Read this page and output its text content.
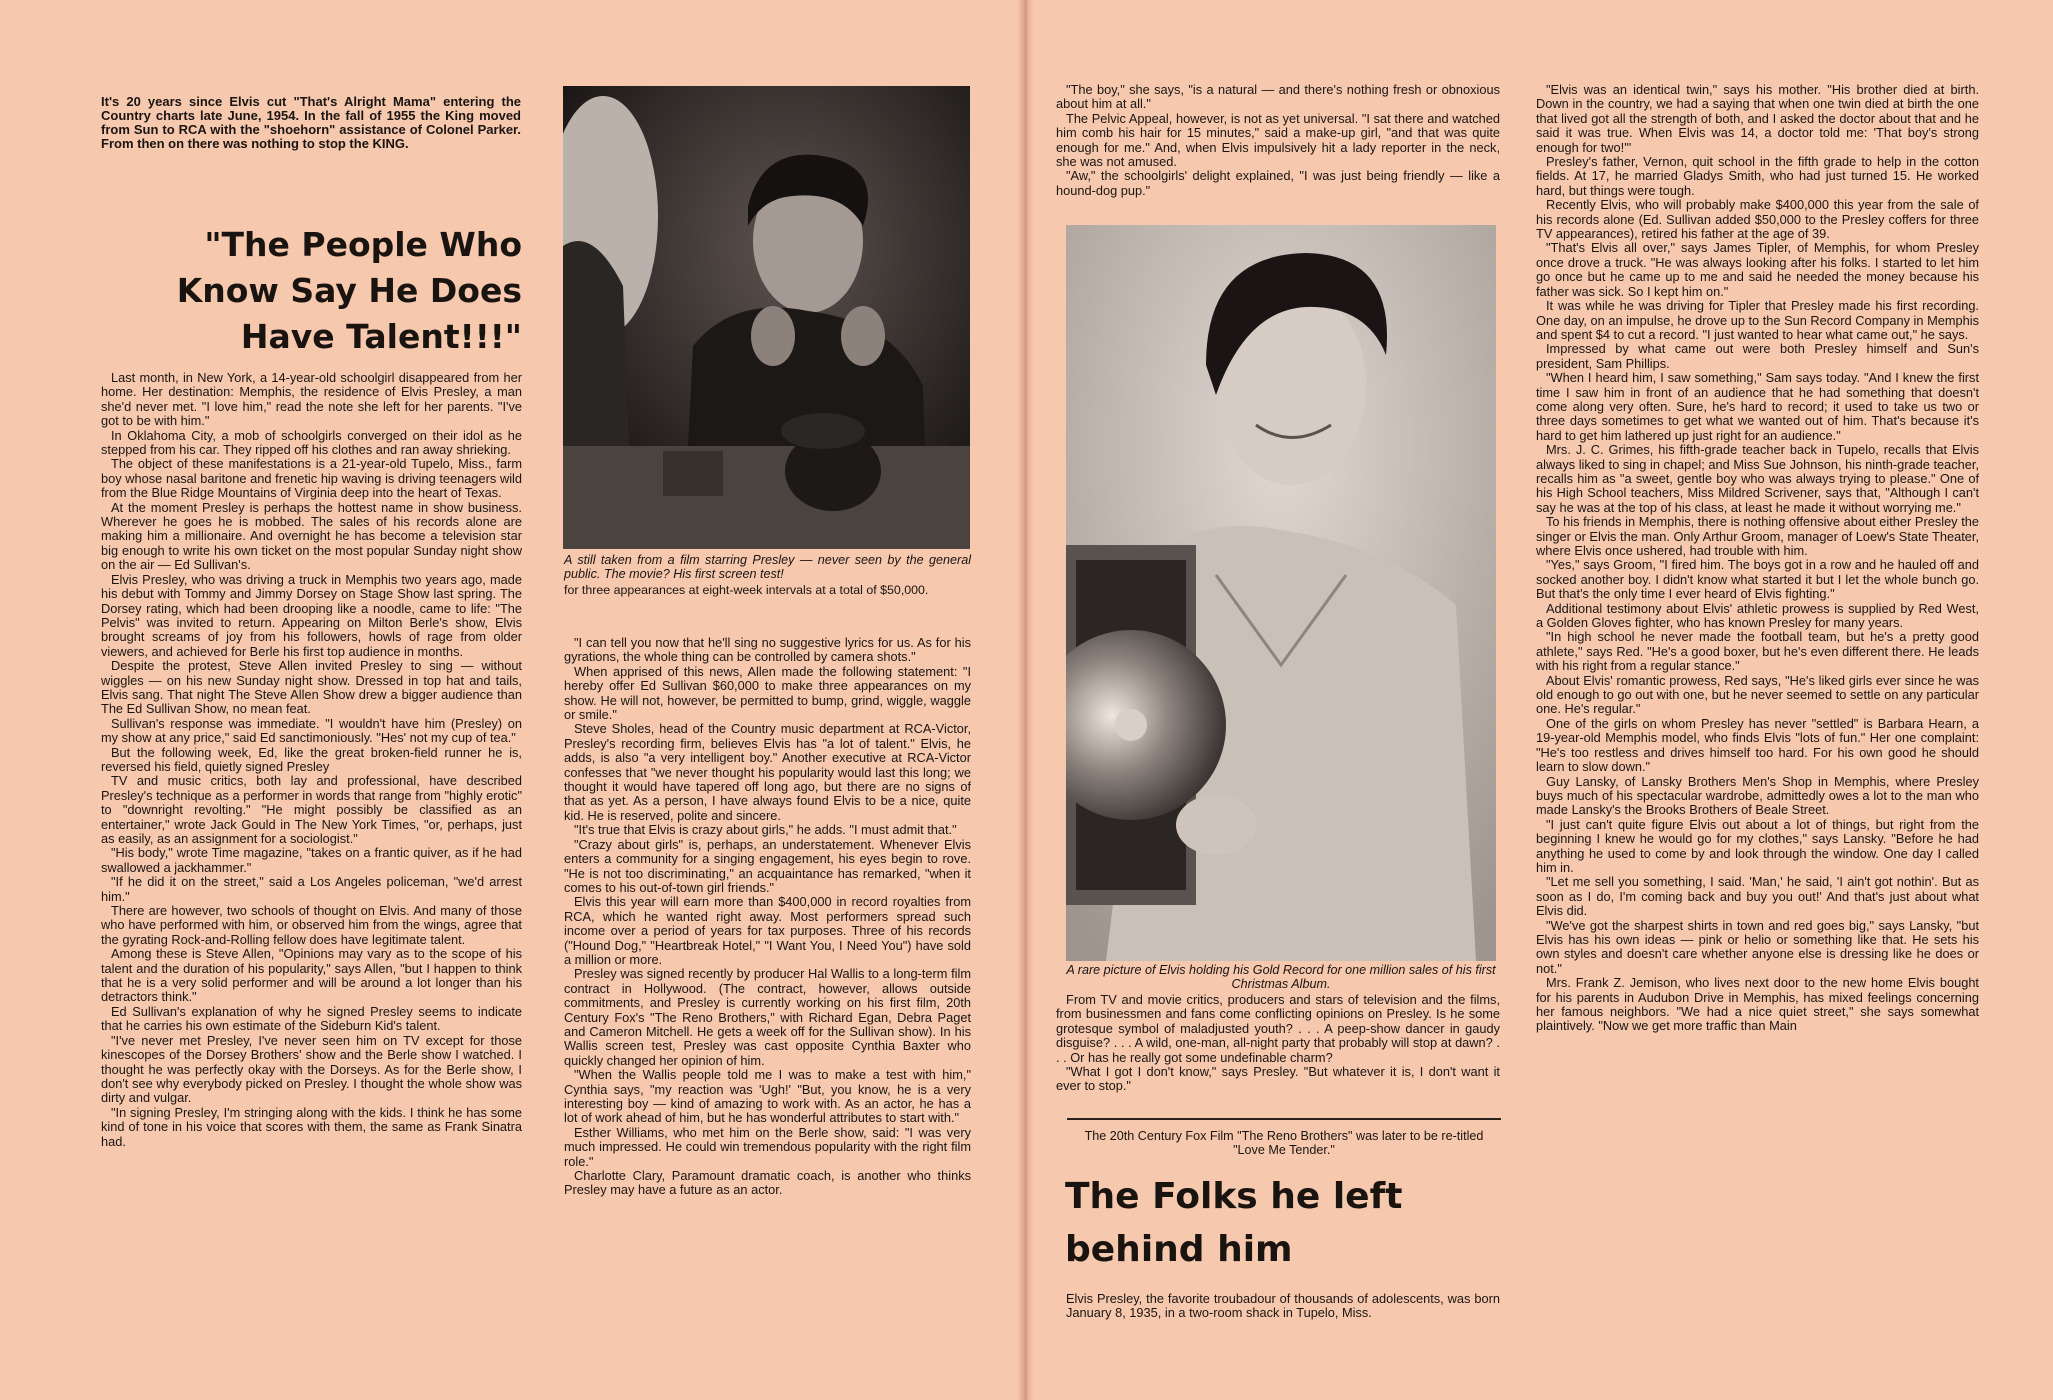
It's 20 years since Elvis cut "That's Alright Mama" entering the Country charts late June, 1954. In the fall of 1955 the King moved from Sun to RCA with the "shoehorn" assistance of Colonel Parker. From then on there was nothing to stop the KING.
"The People Who Know Say He Does Have Talent!!!"

Last month, in New York, a 14-year-old schoolgirl disappeared from her home. Her destination: Memphis, the residence of Elvis Presley, a man she'd never met. "I love him," read the note she left for her parents. "I've got to be with him."

In Oklahoma City, a mob of schoolgirls converged on their idol as he stepped from his car. They ripped off his clothes and ran away shrieking.

The object of these manifestations is a 21-year-old Tupelo, Miss., farm boy whose nasal baritone and frenetic hip waving is driving teenagers wild from the Blue Ridge Mountains of Virginia deep into the heart of Texas.

At the moment Presley is perhaps the hottest name in show business. Wherever he goes he is mobbed. The sales of his records alone are making him a millionaire. And overnight he has become a television star big enough to write his own ticket on the most popular Sunday night show on the air — Ed Sullivan's.

Elvis Presley, who was driving a truck in Memphis two years ago, made his debut with Tommy and Jimmy Dorsey on Stage Show last spring. The Dorsey rating, which had been drooping like a noodle, came to life: "The Pelvis" was invited to return. Appearing on Milton Berle's show, Elvis brought screams of joy from his followers, howls of rage from older viewers, and achieved for Berle his first top audience in months.

Despite the protest, Steve Allen invited Presley to sing — without wiggles — on his new Sunday night show. Dressed in top hat and tails, Elvis sang. That night The Steve Allen Show drew a bigger audience than The Ed Sullivan Show, no mean feat.

Sullivan's response was immediate. "I wouldn't have him (Presley) on my show at any price," said Ed sanctimoniously. "Hes' not my cup of tea."

But the following week, Ed, like the great broken-field runner he is, reversed his field, quietly signed Presley

TV and music critics, both lay and professional, have described Presley's technique as a performer in words that range from "highly erotic" to "downright revolting." "He might possibly be classified as an entertainer," wrote Jack Gould in The New York Times, "or, perhaps, just as easily, as an assignment for a sociologist."

"His body," wrote Time magazine, "takes on a frantic quiver, as if he had swallowed a jackhammer."

"If he did it on the street," said a Los Angeles policeman, "we'd arrest him."

There are however, two schools of thought on Elvis. And many of those who have performed with him, or observed him from the wings, agree that the gyrating Rock-and-Rolling fellow does have legitimate talent.

Among these is Steve Allen, "Opinions may vary as to the scope of his talent and the duration of his popularity," says Allen, "but I happen to think that he is a very solid performer and will be around a lot longer than his detractors think."

Ed Sullivan's explanation of why he signed Presley seems to indicate that he carries his own estimate of the Sideburn Kid's talent.

"I've never met Presley, I've never seen him on TV except for those kinescopes of the Dorsey Brothers' show and the Berle show I watched. I thought he was perfectly okay with the Dorseys. As for the Berle show, I don't see why everybody picked on Presley. I thought the whole show was dirty and vulgar.

"In signing Presley, I'm stringing along with the kids. I think he has some kind of tone in his voice that scores with them, the same as Frank Sinatra had.

A still taken from a film starring Presley — never seen by the general public. The movie? His first screen test!
for three appearances at eight-week intervals at a total of $50,000.

"I can tell you now that he'll sing no suggestive lyrics for us. As for his gyrations, the whole thing can be controlled by camera shots."

When apprised of this news, Allen made the following statement: "I hereby offer Ed Sullivan $60,000 to make three appearances on my show. He will not, however, be permitted to bump, grind, wiggle, waggle or smile."

Steve Sholes, head of the Country music department at RCA-Victor, Presley's recording firm, believes Elvis has "a lot of talent." Elvis, he adds, is also "a very intelligent boy." Another executive at RCA-Victor confesses that "we never thought his popularity would last this long; we thought it would have tapered off long ago, but there are no signs of that as yet. As a person, I have always found Elvis to be a nice, quite kid. He is reserved, polite and sincere.

"It's true that Elvis is crazy about girls," he adds. "I must admit that."

"Crazy about girls" is, perhaps, an understatement. Whenever Elvis enters a community for a singing engagement, his eyes begin to rove. "He is not too discriminating," an acquaintance has remarked, "when it comes to his out-of-town girl friends."

Elvis this year will earn more than $400,000 in record royalties from RCA, which he wanted right away. Most performers spread such income over a period of years for tax purposes. Three of his records ("Hound Dog," "Heartbreak Hotel," "I Want You, I Need You") have sold a million or more.

Presley was signed recently by producer Hal Wallis to a long-term film contract in Hollywood. (The contract, however, allows outside commitments, and Presley is currently working on his first film, 20th Century Fox's "The Reno Brothers," with Richard Egan, Debra Paget and Cameron Mitchell. He gets a week off for the Sullivan show). In his Wallis screen test, Presley was cast opposite Cynthia Baxter who quickly changed her opinion of him.

"When the Wallis people told me I was to make a test with him," Cynthia says, "my reaction was 'Ugh!' "But, you know, he is a very interesting boy — kind of amazing to work with. As an actor, he has a lot of work ahead of him, but he has wonderful attributes to start with."

Esther Williams, who met him on the Berle show, said: "I was very much impressed. He could win tremendous popularity with the right film role."

Charlotte Clary, Paramount dramatic coach, is another who thinks Presley may have a future as an actor.

"The boy," she says, "is a natural — and there's nothing fresh or obnoxious about him at all."

The Pelvic Appeal, however, is not as yet universal. "I sat there and watched him comb his hair for 15 minutes," said a make-up girl, "and that was quite enough for me." And, when Elvis impulsively hit a lady reporter in the neck, she was not amused.

"Aw," the schoolgirls' delight explained, "I was just being friendly — like a hound-dog pup."

A rare picture of Elvis holding his Gold Record for one million sales of his first Christmas Album.

From TV and movie critics, producers and stars of television and the films, from businessmen and fans come conflicting opinions on Presley. Is he some grotesque symbol of maladjusted youth? . . . A peep-show dancer in gaudy disguise? . . . A wild, one-man, all-night party that probably will stop at dawn? . . . Or has he really got some undefinable charm?

"What I got I don't know," says Presley. "But whatever it is, I don't want it ever to stop."

The 20th Century Fox Film "The Reno Brothers" was later to be re-titled "Love Me Tender."
The Folks he left behind him
Elvis Presley, the favorite troubadour of thousands of adolescents, was born January 8, 1935, in a two-room shack in Tupelo, Miss.

"Elvis was an identical twin," says his mother. "His brother died at birth. Down in the country, we had a saying that when one twin died at birth the one that lived got all the strength of both, and I asked the doctor about that and he said it was true. When Elvis was 14, a doctor told me: 'That boy's strong enough for two!'"

Presley's father, Vernon, quit school in the fifth grade to help in the cotton fields. At 17, he married Gladys Smith, who had just turned 15. He worked hard, but things were tough.

Recently Elvis, who will probably make $400,000 this year from the sale of his records alone (Ed. Sullivan added $50,000 to the Presley coffers for three TV appearances), retired his father at the age of 39.

"That's Elvis all over," says James Tipler, of Memphis, for whom Presley once drove a truck. "He was always looking after his folks. I started to let him go once but he came up to me and said he needed the money because his father was sick. So I kept him on."

It was while he was driving for Tipler that Presley made his first recording. One day, on an impulse, he drove up to the Sun Record Company in Memphis and spent $4 to cut a record. "I just wanted to hear what came out," he says.

Impressed by what came out were both Presley himself and Sun's president, Sam Phillips.

"When I heard him, I saw something," Sam says today. "And I knew the first time I saw him in front of an audience that he had something that doesn't come along very often. Sure, he's hard to record; it used to take us two or three days sometimes to get what we wanted out of him. That's because it's hard to get him lathered up just right for an audience."

Mrs. J. C. Grimes, his fifth-grade teacher back in Tupelo, recalls that Elvis always liked to sing in chapel; and Miss Sue Johnson, his ninth-grade teacher, recalls him as "a sweet, gentle boy who was always trying to please." One of his High School teachers, Miss Mildred Scrivener, says that, "Although I can't say he was at the top of his class, at least he made it without worrying me."

To his friends in Memphis, there is nothing offensive about either Presley the singer or Elvis the man. Only Arthur Groom, manager of Loew's State Theater, where Elvis once ushered, had trouble with him.

"Yes," says Groom, "I fired him. The boys got in a row and he hauled off and socked another boy. I didn't know what started it but I let the whole bunch go. But that's the only time I ever heard of Elvis fighting."

Additional testimony about Elvis' athletic prowess is supplied by Red West, a Golden Gloves fighter, who has known Presley for many years.

"In high school he never made the football team, but he's a pretty good athlete," says Red. "He's a good boxer, but he's even different there. He leads with his right from a regular stance."

About Elvis' romantic prowess, Red says, "He's liked girls ever since he was old enough to go out with one, but he never seemed to settle on any particular one. He's regular."

One of the girls on whom Presley has never "settled" is Barbara Hearn, a 19-year-old Memphis model, who finds Elvis "lots of fun." Her one complaint: "He's too restless and drives himself too hard. For his own good he should learn to slow down."

Guy Lansky, of Lansky Brothers Men's Shop in Memphis, where Presley buys much of his spectacular wardrobe, admittedly owes a lot to the man who made Lansky's the Brooks Brothers of Beale Street.

"I just can't quite figure Elvis out about a lot of things, but right from the beginning I knew he would go for my clothes," says Lansky. "Before he had anything he used to come by and look through the window. One day I called him in.

"Let me sell you something, I said. 'Man,' he said, 'I ain't got nothin'. But as soon as I do, I'm coming back and buy you out!' And that's just about what Elvis did.

"We've got the sharpest shirts in town and red goes big," says Lansky, "but Elvis has his own ideas — pink or helio or something like that. He sets his own styles and doesn't care whether anyone else is dressing like he does or not."

Mrs. Frank Z. Jemison, who lives next door to the new home Elvis bought for his parents in Audubon Drive in Memphis, has mixed feelings concerning her famous neighbors. "We had a nice quiet street," she says somewhat plaintively. "Now we get more traffic than Main
